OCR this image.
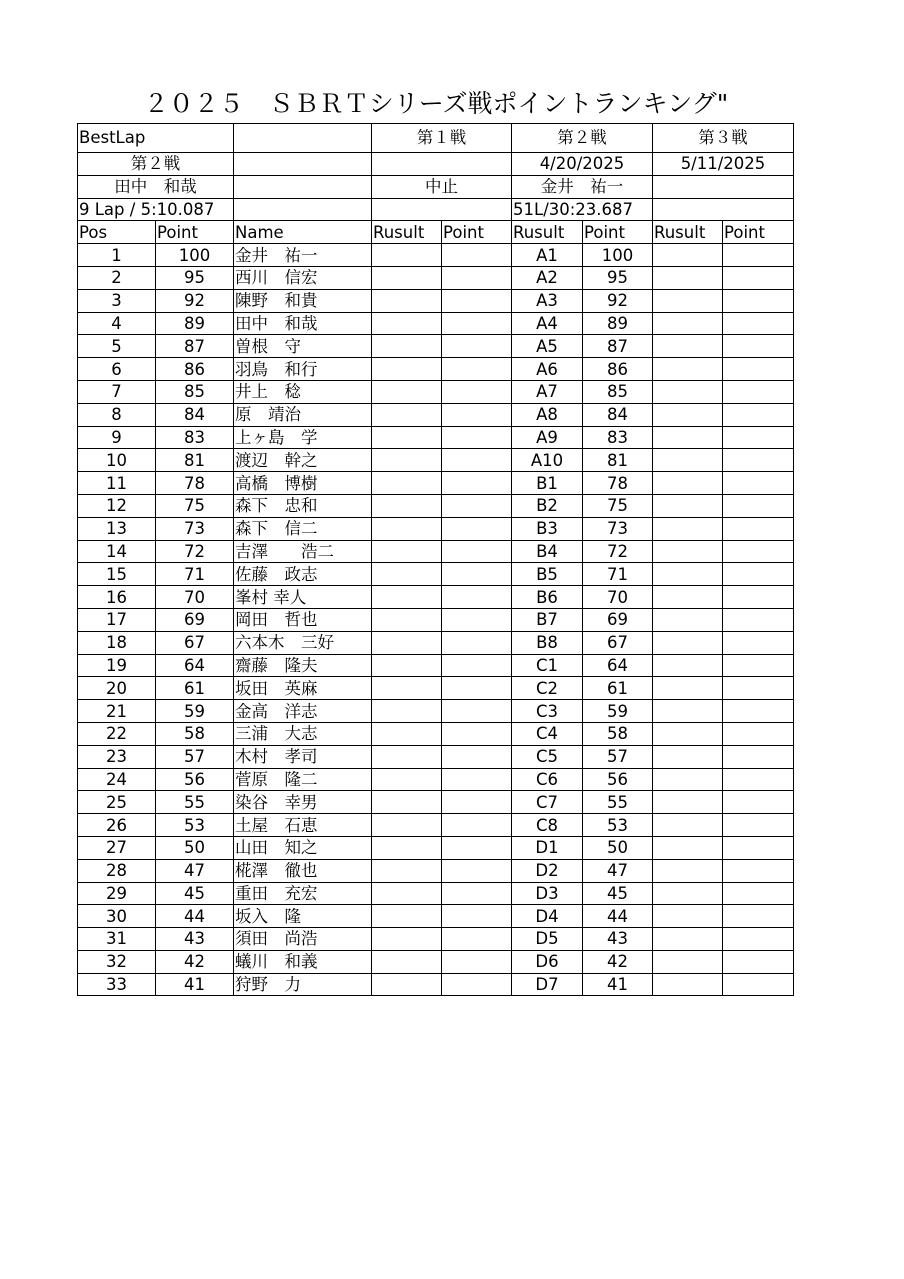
２０２５　ＳＢＲＴシリーズ戦ポイントランキング"
BestLap			第１戦		第２戦		第３戦	
第２戦					4/20/2025		5/11/2025	
田中　和哉			中止		金井　祐一			
9 Lap / 5:10.087					51L/30:23.687			
Pos	Point	Name	Rusult	Point	Rusult	Point	Rusult	Point
1	100	金井　祐一			A1	100		
2	95	西川　信宏			A2	95		
3	92	陳野　和貴			A3	92		
4	89	田中　和哉			A4	89		
5	87	曽根　守			A5	87		
6	86	羽鳥　和行			A6	86		
7	85	井上　稔			A7	85		
8	84	原　靖治			A8	84		
9	83	上ヶ島　学			A9	83		
10	81	渡辺　幹之			A10	81		
11	78	高橋　博樹			B1	78		
12	75	森下　忠和			B2	75		
13	73	森下　信二			B3	73		
14	72	吉澤　　浩二			B4	72		
15	71	佐藤　政志			B5	71		
16	70	峯村 幸人			B6	70		
17	69	岡田　哲也			B7	69		
18	67	六本木　三好			B8	67		
19	64	齋藤　隆夫			C1	64		
20	61	坂田　英麻			C2	61		
21	59	金高　洋志			C3	59		
22	58	三浦　大志			C4	58		
23	57	木村　孝司			C5	57		
24	56	菅原　隆二			C6	56		
25	55	染谷　幸男			C7	55		
26	53	土屋　石恵			C8	53		
27	50	山田　知之			D1	50		
28	47	椛澤　徹也			D2	47		
29	45	重田　充宏			D3	45		
30	44	坂入　隆			D4	44		
31	43	須田　尚浩			D5	43		
32	42	蟻川　和義			D6	42		
33	41	狩野　力			D7	41		
